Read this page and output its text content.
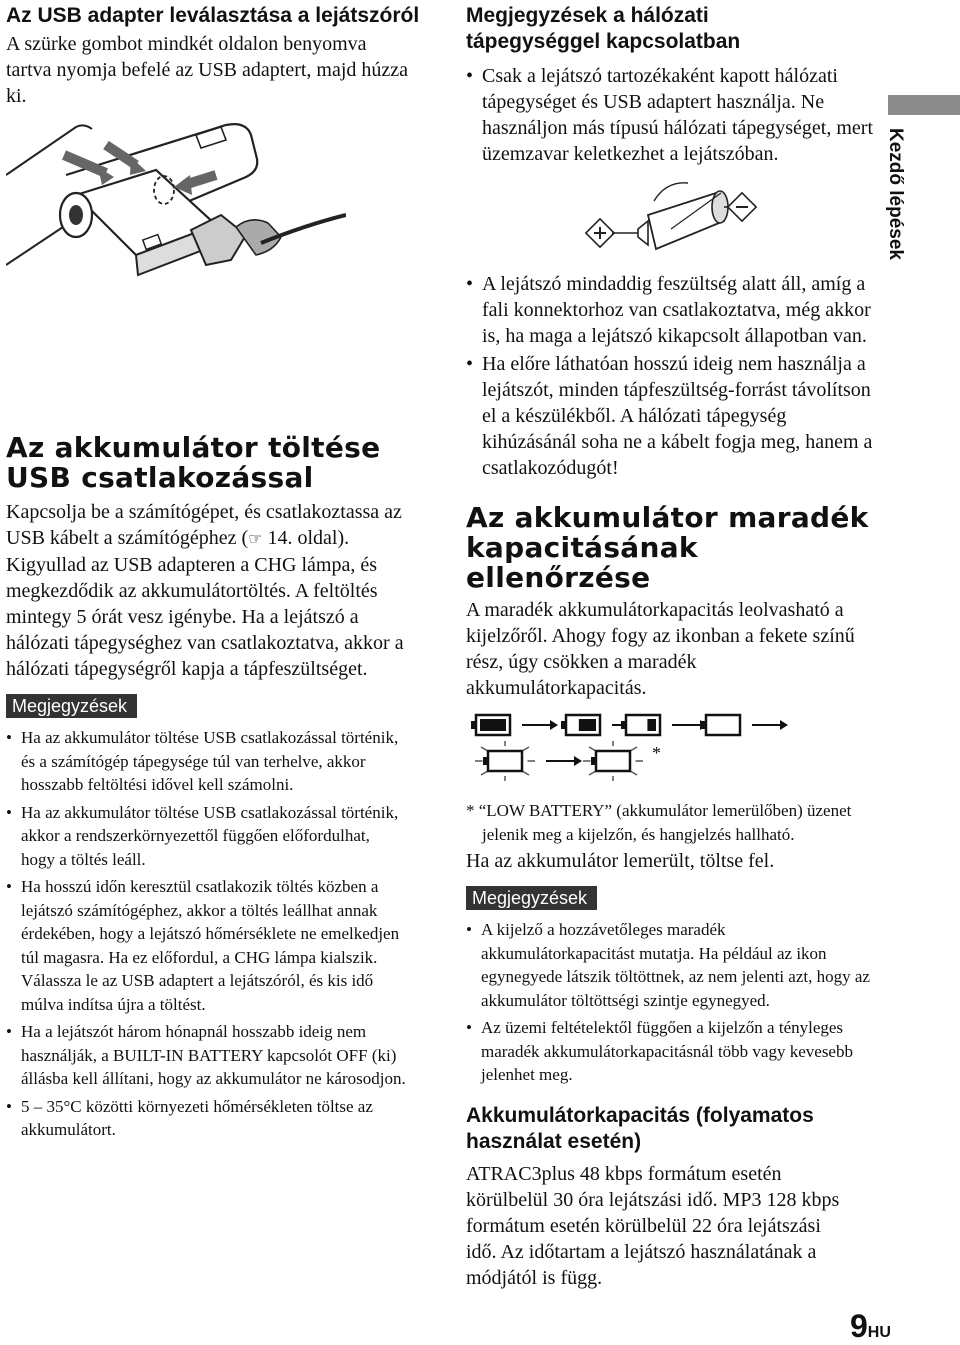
Az USB adapter leválasztása a lejátszóról

A szürke gombot mindkét oldalon benyomva tartva nyomja befelé az USB adaptert, majd húzza ki.

Az akkumulátor töltése
USB csatlakozással

Kapcsolja be a számítógépet, és csatlakoztassa az USB kábelt a számítógéphez (☞ 14. oldal). Kigyullad az USB adapteren a CHG lámpa, és megkezdődik az akkumulátortöltés. A feltöltés mintegy 5 órát vesz igénybe. Ha a lejátszó a hálózati tápegységhez van csatlakoztatva, akkor a hálózati tápegységről kapja a tápfeszültséget.

Megjegyzések
• Ha az akkumulátor töltése USB csatlakozással történik, és a számítógép tápegysége túl van terhelve, akkor hosszabb feltöltési idővel kell számolni.
• Ha az akkumulátor töltése USB csatlakozással történik, akkor a rendszerkörnyezettől függően előfordulhat, hogy a töltés leáll.
• Ha hosszú időn keresztül csatlakozik töltés közben a lejátszó számítógéphez, akkor a töltés leállhat annak érdekében, hogy a lejátszó hőmérséklete ne emelkedjen túl magasra. Ha ez előfordul, a CHG lámpa kialszik. Válassza le az USB adaptert a lejátszóról, és kis idő múlva indítsa újra a töltést.
• Ha a lejátszót három hónapnál hosszabb ideig nem használják, a BUILT-IN BATTERY kapcsolót OFF (ki) állásba kell állítani, hogy az akkumulátor ne károsodjon.
• 5 – 35°C közötti környezeti hőmérsékleten töltse az akkumulátort.
Megjegyzések a hálózati tápegységgel kapcsolatban
• Csak a lejátszó tartozékaként kapott hálózati tápegységet és USB adaptert használja. Ne használjon más típusú hálózati tápegységet, mert üzemzavar keletkezhet a lejátszóban.
• A lejátszó mindaddig feszültség alatt áll, amíg a fali konnektorhoz van csatlakoztatva, még akkor is, ha maga a lejátszó kikapcsolt állapotban van.
• Ha előre láthatóan hosszú ideig nem használja a lejátszót, minden tápfeszültség-forrást távolítson el a készülékből. A hálózati tápegység kihúzásánál soha ne a kábelt fogja meg, hanem a csatlakozódugót!
Az akkumulátor maradék
kapacitásának ellenőrzése

A maradék akkumulátorkapacitás leolvasható a kijelzőről. Ahogy fogy az ikonban a fekete színű rész, úgy csökken a maradék akkumulátorkapacitás.

*

* “LOW BATTERY” (akkumulátor lemerülőben) üzenet jelenik meg a kijelzőn, és hangjelzés hallható.

Ha az akkumulátor lemerült, töltse fel.

Megjegyzések
• A kijelző a hozzávetőleges maradék akkumulátorkapacitást mutatja. Ha például az ikon egynegyede látszik töltöttnek, az nem jelenti azt, hogy az akkumulátor töltöttségi szintje egynegyed.
• Az üzemi feltételektől függően a kijelzőn a tényleges maradék akkumulátorkapacitásnál több vagy kevesebb jelenhet meg.
Akkumulátorkapacitás (folyamatos használat esetén)

ATRAC3plus 48 kbps formátum esetén körülbelül 30 óra lejátszási idő. MP3 128 kbps formátum esetén körülbelül 22 óra lejátszási idő. Az időtartam a lejátszó használatának a módjától is függ.

Kezdő lépések
9HU
